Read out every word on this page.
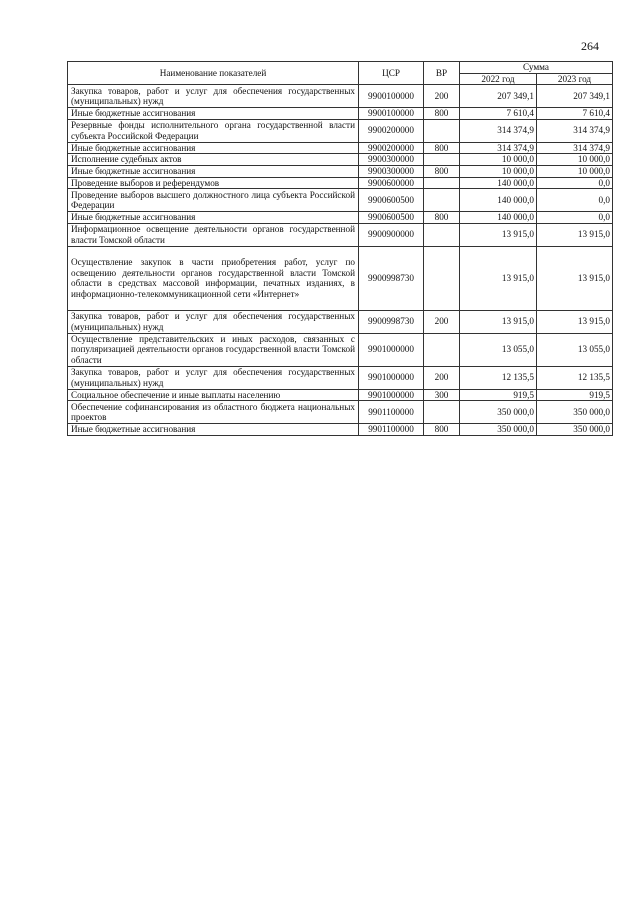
264
Наименование показателей	ЦСР	ВР	Сумма	
			2022 год	2023 год
Закупка товаров, работ и услуг для обеспечения государственных (муниципальных) нужд	9900100000	200	207 349,1	207 349,1
Иные бюджетные ассигнования	9900100000	800	7 610,4	7 610,4
Резервные фонды исполнительного органа государственной власти субъекта Российской Федерации	9900200000		314 374,9	314 374,9
Иные бюджетные ассигнования	9900200000	800	314 374,9	314 374,9
Исполнение судебных актов	9900300000		10 000,0	10 000,0
Иные бюджетные ассигнования	9900300000	800	10 000,0	10 000,0
Проведение выборов и референдумов	9900600000		140 000,0	0,0
Проведение выборов высшего должностного лица субъекта Российской Федерации	9900600500		140 000,0	0,0
Иные бюджетные ассигнования	9900600500	800	140 000,0	0,0
Информационное освещение деятельности органов государственной власти Томской области	9900900000		13 915,0	13 915,0
Осуществление закупок в части приобретения работ, услуг по освещению деятельности органов государственной власти Томской области в средствах массовой информации, печатных изданиях, в информационно-телекоммуникационной сети «Интернет»	9900998730		13 915,0	13 915,0
Закупка товаров, работ и услуг для обеспечения государственных (муниципальных) нужд	9900998730	200	13 915,0	13 915,0
Осуществление представительских и иных расходов, связанных с популяризацией деятельности органов государственной власти Томской области	9901000000		13 055,0	13 055,0
Закупка товаров, работ и услуг для обеспечения государственных (муниципальных) нужд	9901000000	200	12 135,5	12 135,5
Социальное обеспечение и иные выплаты населению	9901000000	300	919,5	919,5
Обеспечение софинансирования из областного бюджета национальных проектов	9901100000		350 000,0	350 000,0
Иные бюджетные ассигнования	9901100000	800	350 000,0	350 000,0
